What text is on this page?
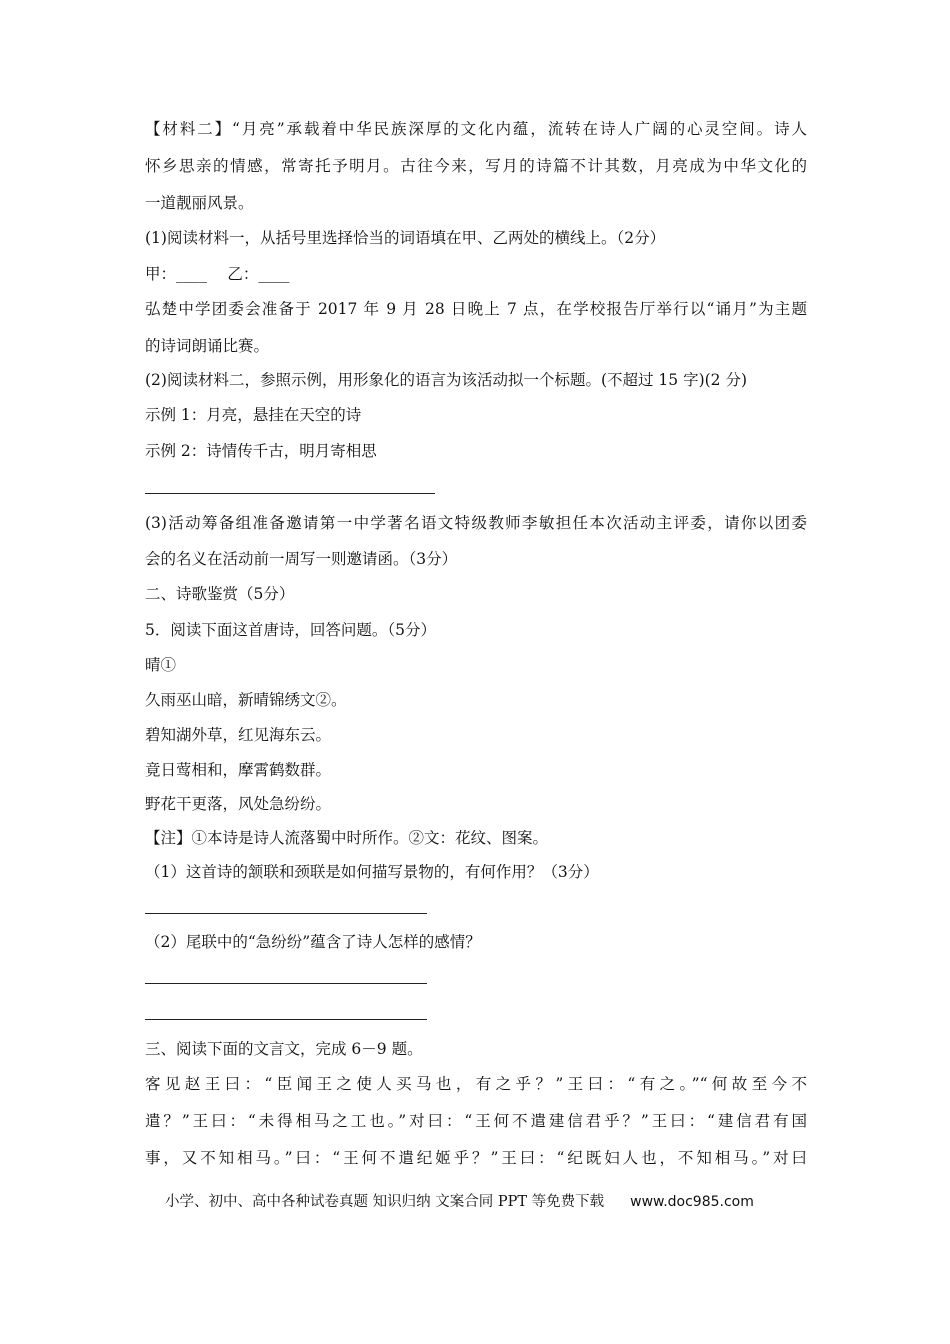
【材料二】“月亮”承载着中华民族深厚的文化内蕴，流转在诗人广阔的心灵空间。诗人
怀乡思亲的情感，常寄托予明月。古往今来，写月的诗篇不计其数，月亮成为中华文化的
一道靓丽风景。
(1)阅读材料一，从括号里选择恰当的词语填在甲、乙两处的横线上。（2分）
甲：____　 乙：____
弘楚中学团委会准备于 2017 年 9 月 28 日晚上 7 点，在学校报告厅举行以“诵月”为主题
的诗词朗诵比赛。
(2)阅读材料二，参照示例，用形象化的语言为该活动拟一个标题。(不超过 15 字)(2 分)
示例 1：月亮，悬挂在天空的诗
示例 2：诗情传千古，明月寄相思
(3)活动筹备组准备邀请第一中学著名语文特级教师李敏担任本次活动主评委，请你以团委
会的名义在活动前一周写一则邀请函。（3分）
二、诗歌鉴赏（5分）
5．阅读下面这首唐诗，回答问题。（5分）
晴①
久雨巫山暗，新晴锦绣文②。
碧知湖外草，红见海东云。
竟日莺相和，摩霄鹤数群。
野花干更落，风处急纷纷。
【注】①本诗是诗人流落蜀中时所作。②文：花纹、图案。
（1）这首诗的颔联和颈联是如何描写景物的，有何作用？（3分）
（2）尾联中的“急纷纷”蕴含了诗人怎样的感情？
三、阅读下面的文言文，完成 6－9 题。
客见赵王曰：“臣闻王之使人买马也，有之乎？”王曰：“有之。”“何故至今不
遣？”王曰：“未得相马之工也。”对曰：“王何不遣建信君乎？”王曰：“建信君有国
事，又不知相马。”曰：“王何不遣纪姬乎？”王曰：“纪既妇人也，不知相马。”对曰
小学、初中、高中各种试卷真题 知识归纳 文案合同 PPT 等免费下载 www.doc985.com
